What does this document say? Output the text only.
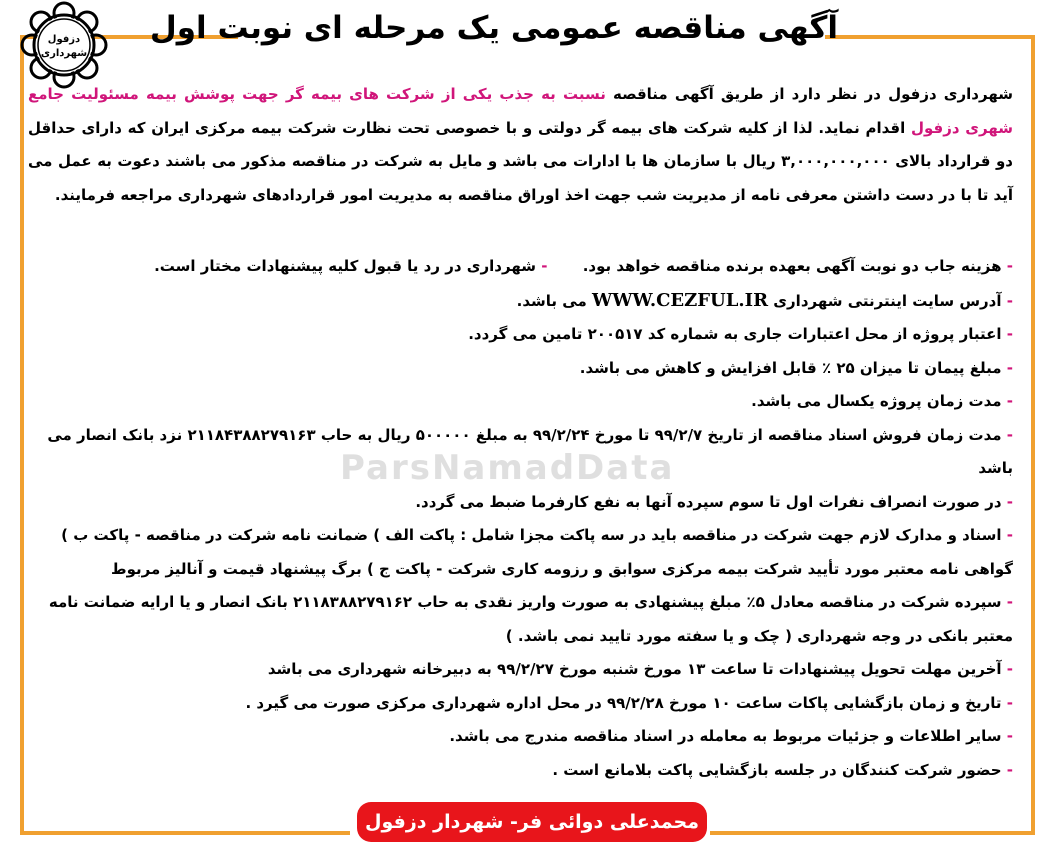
دزفول
شهرداری
آگهی مناقصه عمومی یک مرحله ای نوبت اول
ParsNamadData

شهرداری دزفول در نظر دارد از طریق آگهی مناقصه نسبت به جذب یکی از شرکت های بیمه گر جهت پوشش بیمه مسئولیت جامع شهری دزفول اقدام نماید. لذا از کلیه شرکت های بیمه گر دولتی و با خصوصی تحت نظارت شرکت بیمه مرکزی ایران که دارای حداقل دو قرارداد بالای ۳,۰۰۰,۰۰۰,۰۰۰ ریال با سازمان ها با ادارات می باشد و مایل به شرکت در مناقصه مذکور می باشند دعوت به عمل می آید تا با در دست داشتن معرفی نامه از مدیریت شب جهت اخذ اوراق مناقصه به مدیریت امور قراردادهای شهرداری مراجعه فرمایند.

- هزینه جاب دو نوبت آگهی بعهده برنده مناقصه خواهد بود. - شهرداری در رد یا قبول کلیه پیشنهادات مختار است.
- آدرس سایت اینترنتی شهرداری WWW.CEZFUL.IR می باشد.
- اعتبار پروژه از محل اعتبارات جاری به شماره کد ۲۰۰۵۱۷ تامین می گردد.
- مبلغ پیمان تا میزان ۲۵ ٪ قابل افزایش و کاهش می باشد.
- مدت زمان پروژه یکسال می باشد.
- مدت زمان فروش اسناد مناقصه از تاریخ ۹۹/۲/۷ تا مورخ ۹۹/۲/۲۴ به مبلغ ۵۰۰۰۰۰ ریال به حاب ۲۱۱۸۴۳۸۸۲۷۹۱۶۳ نزد بانک انصار می باشد
- در صورت انصراف نفرات اول تا سوم سپرده آنها به نفع کارفرما ضبط می گردد.
- اسناد و مدارک لازم جهت شرکت در مناقصه باید در سه پاکت مجزا شامل : پاکت الف ) ضمانت نامه شرکت در مناقصه - پاکت ب ) گواهی نامه معتبر مورد تأیید شرکت بیمه مرکزی سوابق و رزومه کاری شرکت - پاکت ج ) برگ پیشنهاد قیمت و آنالیز مربوط
- سپرده شرکت در مناقصه معادل ۵٪ مبلغ پیشنهادی به صورت واریز نقدی به حاب ۲۱۱۸۳۸۸۲۷۹۱۶۲ بانک انصار و یا ارایه ضمانت نامه معتبر بانکی در وجه شهرداری ( چک و یا سفته مورد تایید نمی باشد. )
- آخرین مهلت تحویل پیشنهادات تا ساعت ۱۳ مورخ شنبه مورخ ۹۹/۲/۲۷ به دبیرخانه شهرداری می باشد
- تاریخ و زمان بازگشایی پاکات ساعت ۱۰ مورخ ۹۹/۲/۲۸ در محل اداره شهرداری مرکزی صورت می گیرد .
- سایر اطلاعات و جزئیات مربوط به معامله در اسناد مناقصه مندرج می باشد.
- حضور شرکت کنندگان در جلسه بازگشایی پاکت بلامانع است .
محمدعلی دوائی فر- شهردار دزفول
